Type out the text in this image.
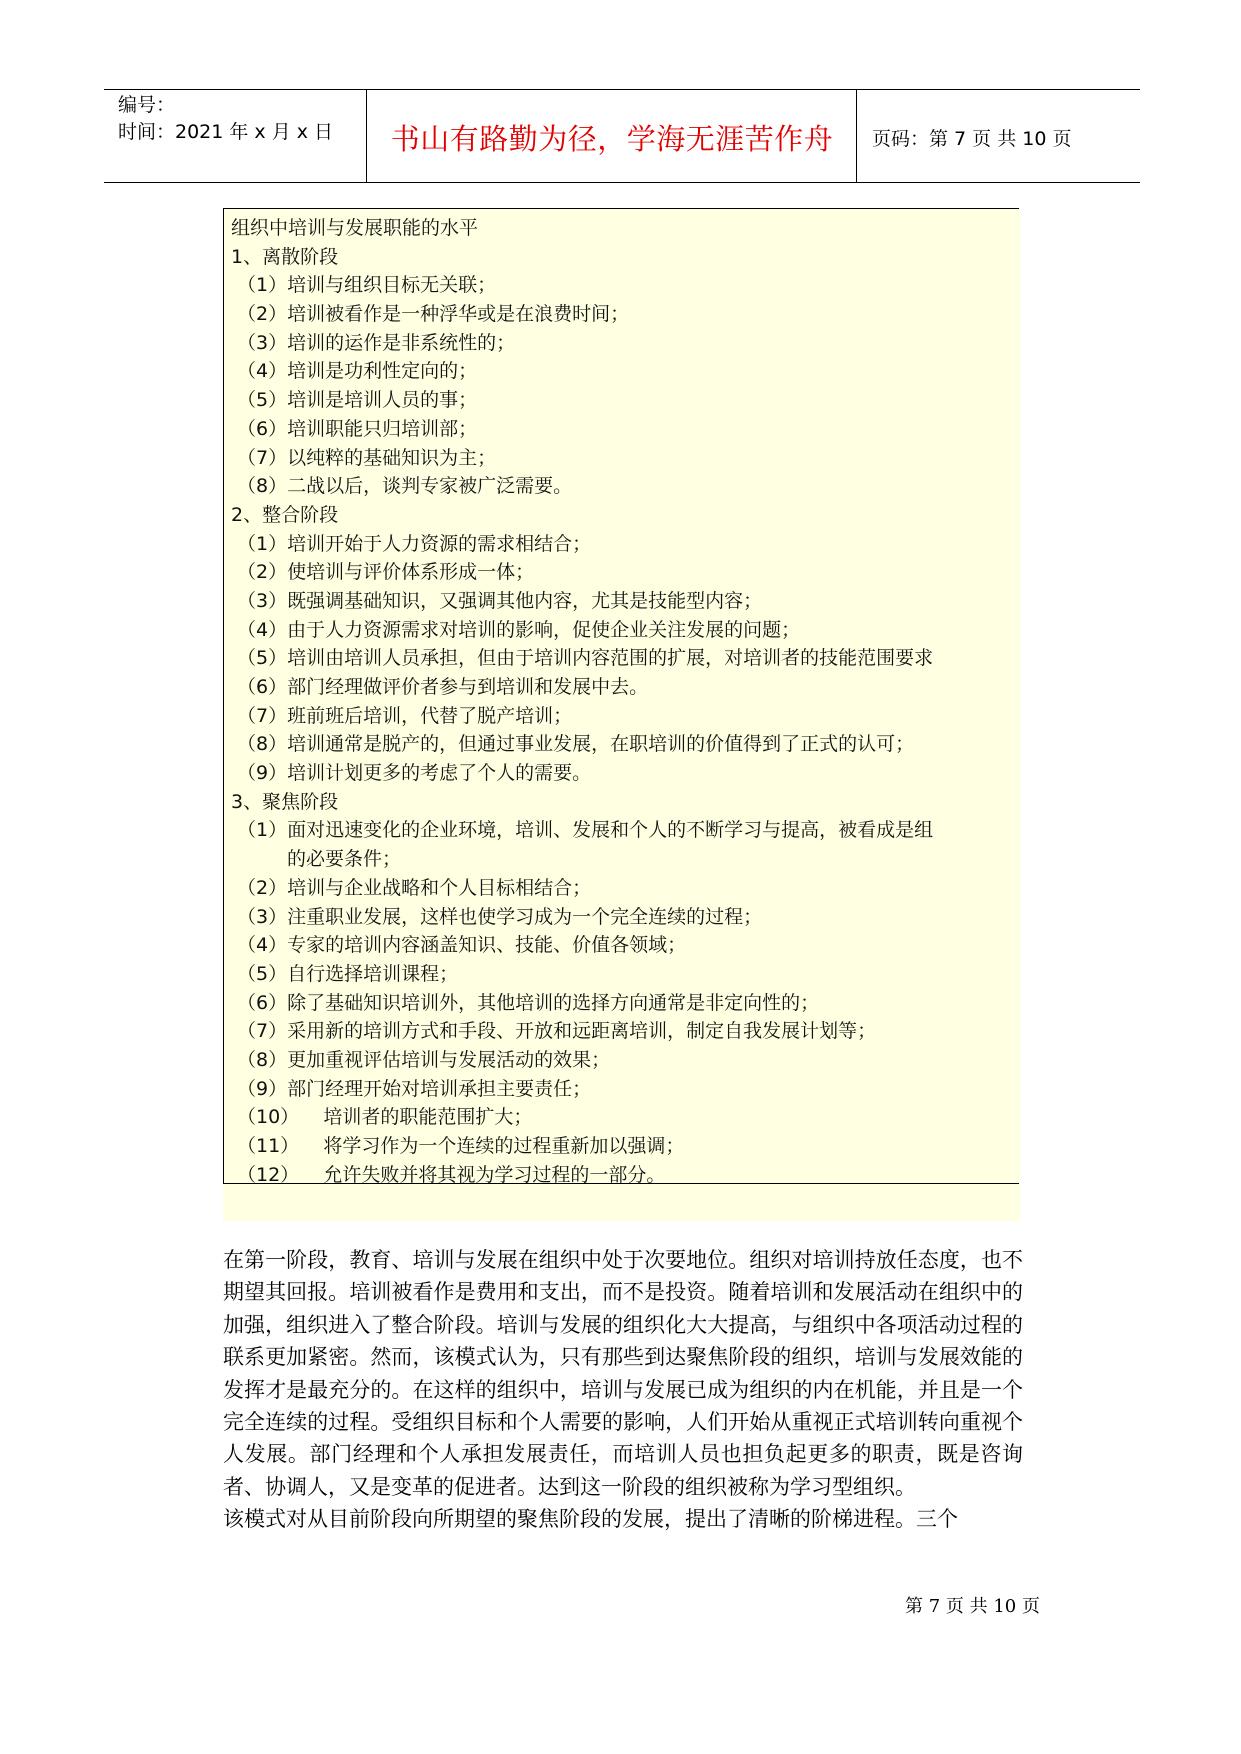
编号：
时间：2021 年 x 月 x 日	书山有路勤为径，学海无涯苦作舟	页码：第 7 页 共 10 页
组织中培训与发展职能的水平
1、离散阶段
（1）培训与组织目标无关联；
（2）培训被看作是一种浮华或是在浪费时间；
（3）培训的运作是非系统性的；
（4）培训是功利性定向的；
（5）培训是培训人员的事；
（6）培训职能只归培训部；
（7）以纯粹的基础知识为主；
（8）二战以后，谈判专家被广泛需要。
2、整合阶段
（1）培训开始于人力资源的需求相结合；
（2）使培训与评价体系形成一体；
（3）既强调基础知识，又强调其他内容，尤其是技能型内容；
（4）由于人力资源需求对培训的影响，促使企业关注发展的问题；
（5）培训由培训人员承担，但由于培训内容范围的扩展，对培训者的技能范围要求
（6）部门经理做评价者参与到培训和发展中去。
（7）班前班后培训，代替了脱产培训；
（8）培训通常是脱产的，但通过事业发展，在职培训的价值得到了正式的认可；
（9）培训计划更多的考虑了个人的需要。
3、聚焦阶段
（1）面对迅速变化的企业环境，培训、发展和个人的不断学习与提高，被看成是组
的必要条件；
（2）培训与企业战略和个人目标相结合；
（3）注重职业发展，这样也使学习成为一个完全连续的过程；
（4）专家的培训内容涵盖知识、技能、价值各领域；
（5）自行选择培训课程；
（6）除了基础知识培训外，其他培训的选择方向通常是非定向性的；
（7）采用新的培训方式和手段、开放和远距离培训，制定自我发展计划等；
（8）更加重视评估培训与发展活动的效果；
（9）部门经理开始对培训承担主要责任；
（10）    培训者的职能范围扩大；
（11）    将学习作为一个连续的过程重新加以强调；
（12）    允许失败并将其视为学习过程的一部分。

在第一阶段，教育、培训与发展在组织中处于次要地位。组织对培训持放任态度，也不期望其回报。培训被看作是费用和支出，而不是投资。随着培训和发展活动在组织中的加强，组织进入了整合阶段。培训与发展的组织化大大提高，与组织中各项活动过程的联系更加紧密。然而，该模式认为，只有那些到达聚焦阶段的组织，培训与发展效能的发挥才是最充分的。在这样的组织中，培训与发展已成为组织的内在机能，并且是一个完全连续的过程。受组织目标和个人需要的影响，人们开始从重视正式培训转向重视个人发展。部门经理和个人承担发展责任，而培训人员也担负起更多的职责，既是咨询者、协调人，又是变革的促进者。达到这一阶段的组织被称为学习型组织。

该模式对从目前阶段向所期望的聚焦阶段的发展，提出了清晰的阶梯进程。三个

第 7 页 共 10 页
